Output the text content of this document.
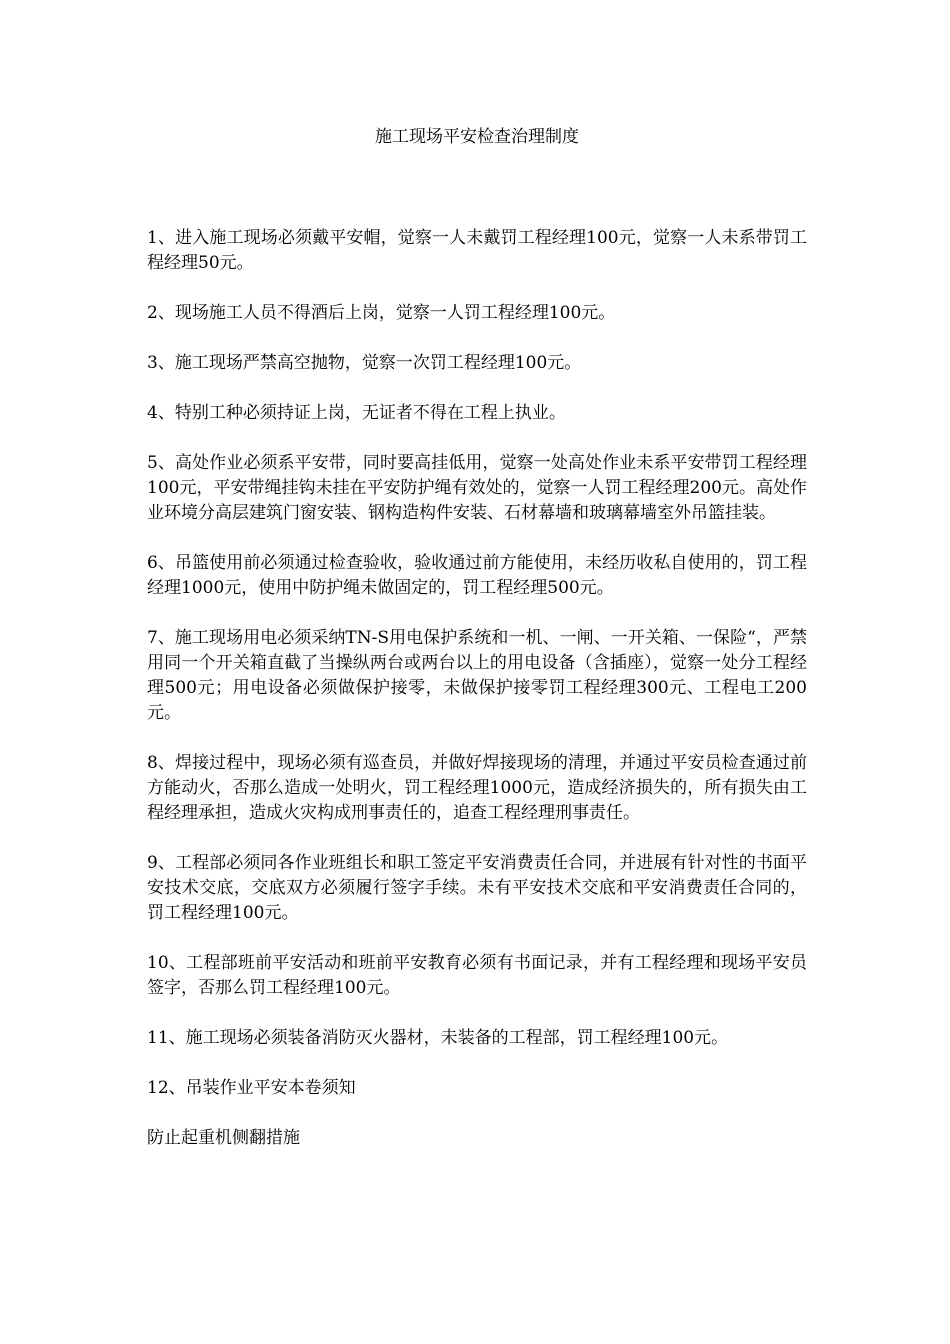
施工现场平安检查治理制度

1、进入施工现场必须戴平安帽，觉察一人未戴罚工程经理100元，觉察一人未系带罚工程经理50元。

2、现场施工人员不得酒后上岗，觉察一人罚工程经理100元。

3、施工现场严禁高空抛物，觉察一次罚工程经理100元。

4、特别工种必须持证上岗，无证者不得在工程上执业。

5、高处作业必须系平安带，同时要高挂低用，觉察一处高处作业未系平安带罚工程经理100元，平安带绳挂钩未挂在平安防护绳有效处的，觉察一人罚工程经理200元。高处作业环境分高层建筑门窗安装、钢构造构件安装、石材幕墙和玻璃幕墙室外吊篮挂装。

6、吊篮使用前必须通过检查验收，验收通过前方能使用，未经历收私自使用的，罚工程经理1000元，使用中防护绳未做固定的，罚工程经理500元。

7、施工现场用电必须采纳TN-S用电保护系统和一机、一闸、一开关箱、一保险“，严禁用同一个开关箱直截了当操纵两台或两台以上的用电设备（含插座），觉察一处分工程经理500元；用电设备必须做保护接零，未做保护接零罚工程经理300元、工程电工200元。

8、焊接过程中，现场必须有巡查员，并做好焊接现场的清理，并通过平安员检查通过前方能动火，否那么造成一处明火，罚工程经理1000元，造成经济损失的，所有损失由工程经理承担，造成火灾构成刑事责任的，追查工程经理刑事责任。

9、工程部必须同各作业班组长和职工签定平安消费责任合同，并进展有针对性的书面平安技术交底，交底双方必须履行签字手续。未有平安技术交底和平安消费责任合同的，罚工程经理100元。

10、工程部班前平安活动和班前平安教育必须有书面记录，并有工程经理和现场平安员签字，否那么罚工程经理100元。

11、施工现场必须装备消防灭火器材，未装备的工程部，罚工程经理100元。

12、吊装作业平安本卷须知

防止起重机侧翻措施
